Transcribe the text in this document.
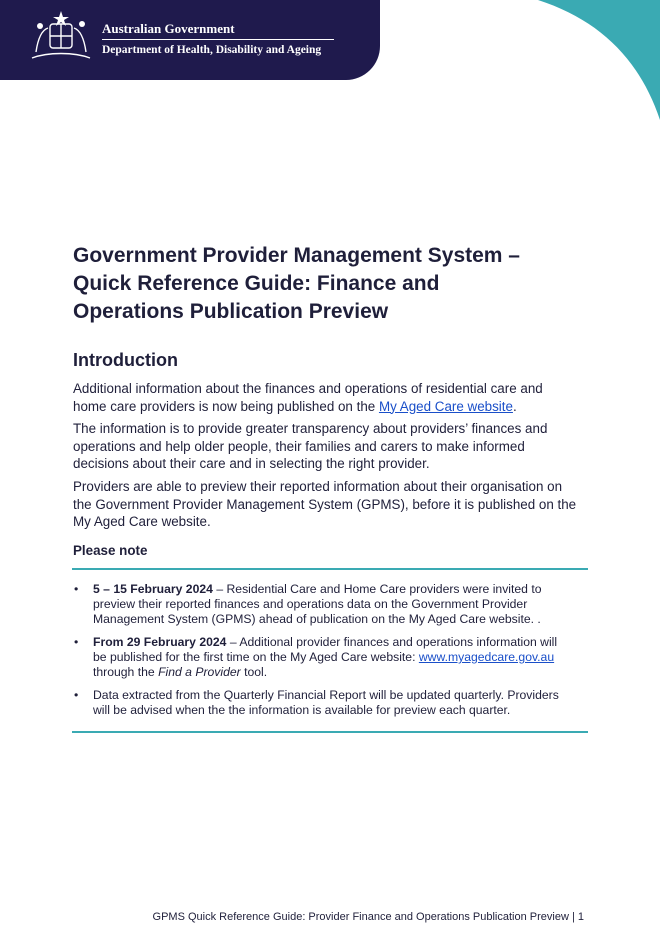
Australian Government
Department of Health, Disability and Ageing
Government Provider Management System –
Quick Reference Guide: Finance and
Operations Publication Preview
Introduction

Additional information about the finances and operations of residential care and
home care providers is now being published on the My Aged Care website.

The information is to provide greater transparency about providers’ finances and
operations and help older people, their families and carers to make informed
decisions about their care and in selecting the right provider.

Providers are able to preview their reported information about their organisation on
the Government Provider Management System (GPMS), before it is published on the
My Aged Care website.

Please note
• 5 – 15 February 2024 – Residential Care and Home Care providers were invited to
preview their reported finances and operations data on the Government Provider
Management System (GPMS) ahead of publication on the My Aged Care website. .
• From 29 February 2024 – Additional provider finances and operations information will
be published for the first time on the My Aged Care website: www.myagedcare.gov.au
through the Find a Provider tool.
• Data extracted from the Quarterly Financial Report will be updated quarterly. Providers
will be advised when the the information is available for preview each quarter.
GPMS Quick Reference Guide: Provider Finance and Operations Publication Preview | 1
